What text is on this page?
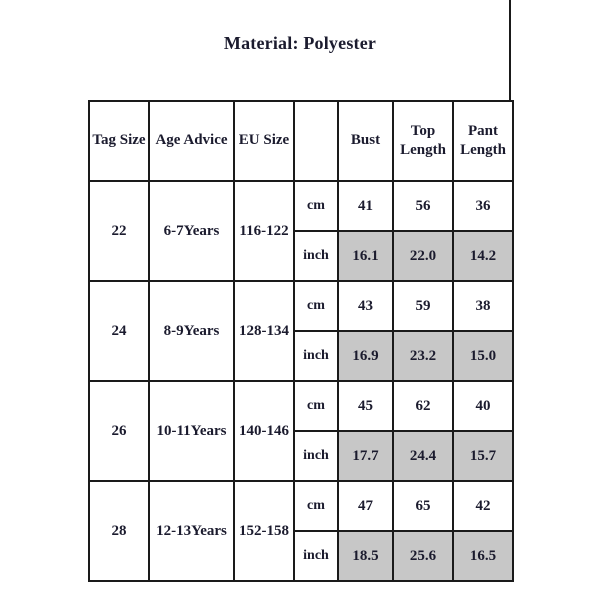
Material: Polyester
Tag Size	Age Advice	EU Size		Bust	Top Length	Pant Length
22	6-7Years	116-122	cm	41	56	36
			inch	16.1	22.0	14.2
24	8-9Years	128-134	cm	43	59	38
			inch	16.9	23.2	15.0
26	10-11Years	140-146	cm	45	62	40
			inch	17.7	24.4	15.7
28	12-13Years	152-158	cm	47	65	42
			inch	18.5	25.6	16.5
